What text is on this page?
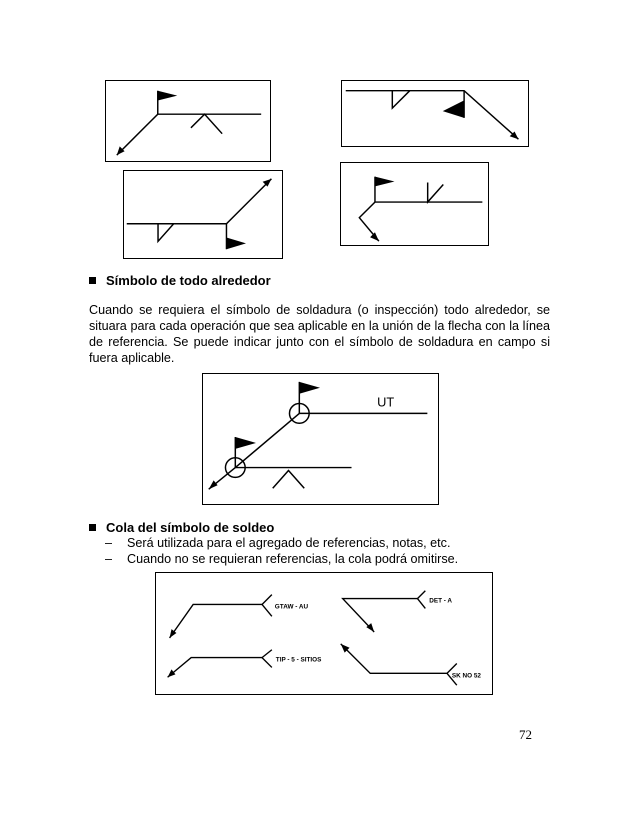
Símbolo de todo alrededor
Cuando se requiera el símbolo de soldadura (o inspección) todo alrededor, se situara para cada operación que sea aplicable en la unión de la flecha con la línea de referencia. Se puede indicar junto con el símbolo de soldadura en campo si fuera aplicable.
UT
Cola del símbolo de soldeo
– Será utilizada para el agregado de referencias, notas, etc.
– Cuando no se requieran referencias, la cola podrá omitirse.
GTAW - AU
TIP - 5 - SITIOS
DET - A
SK NO 52
72
